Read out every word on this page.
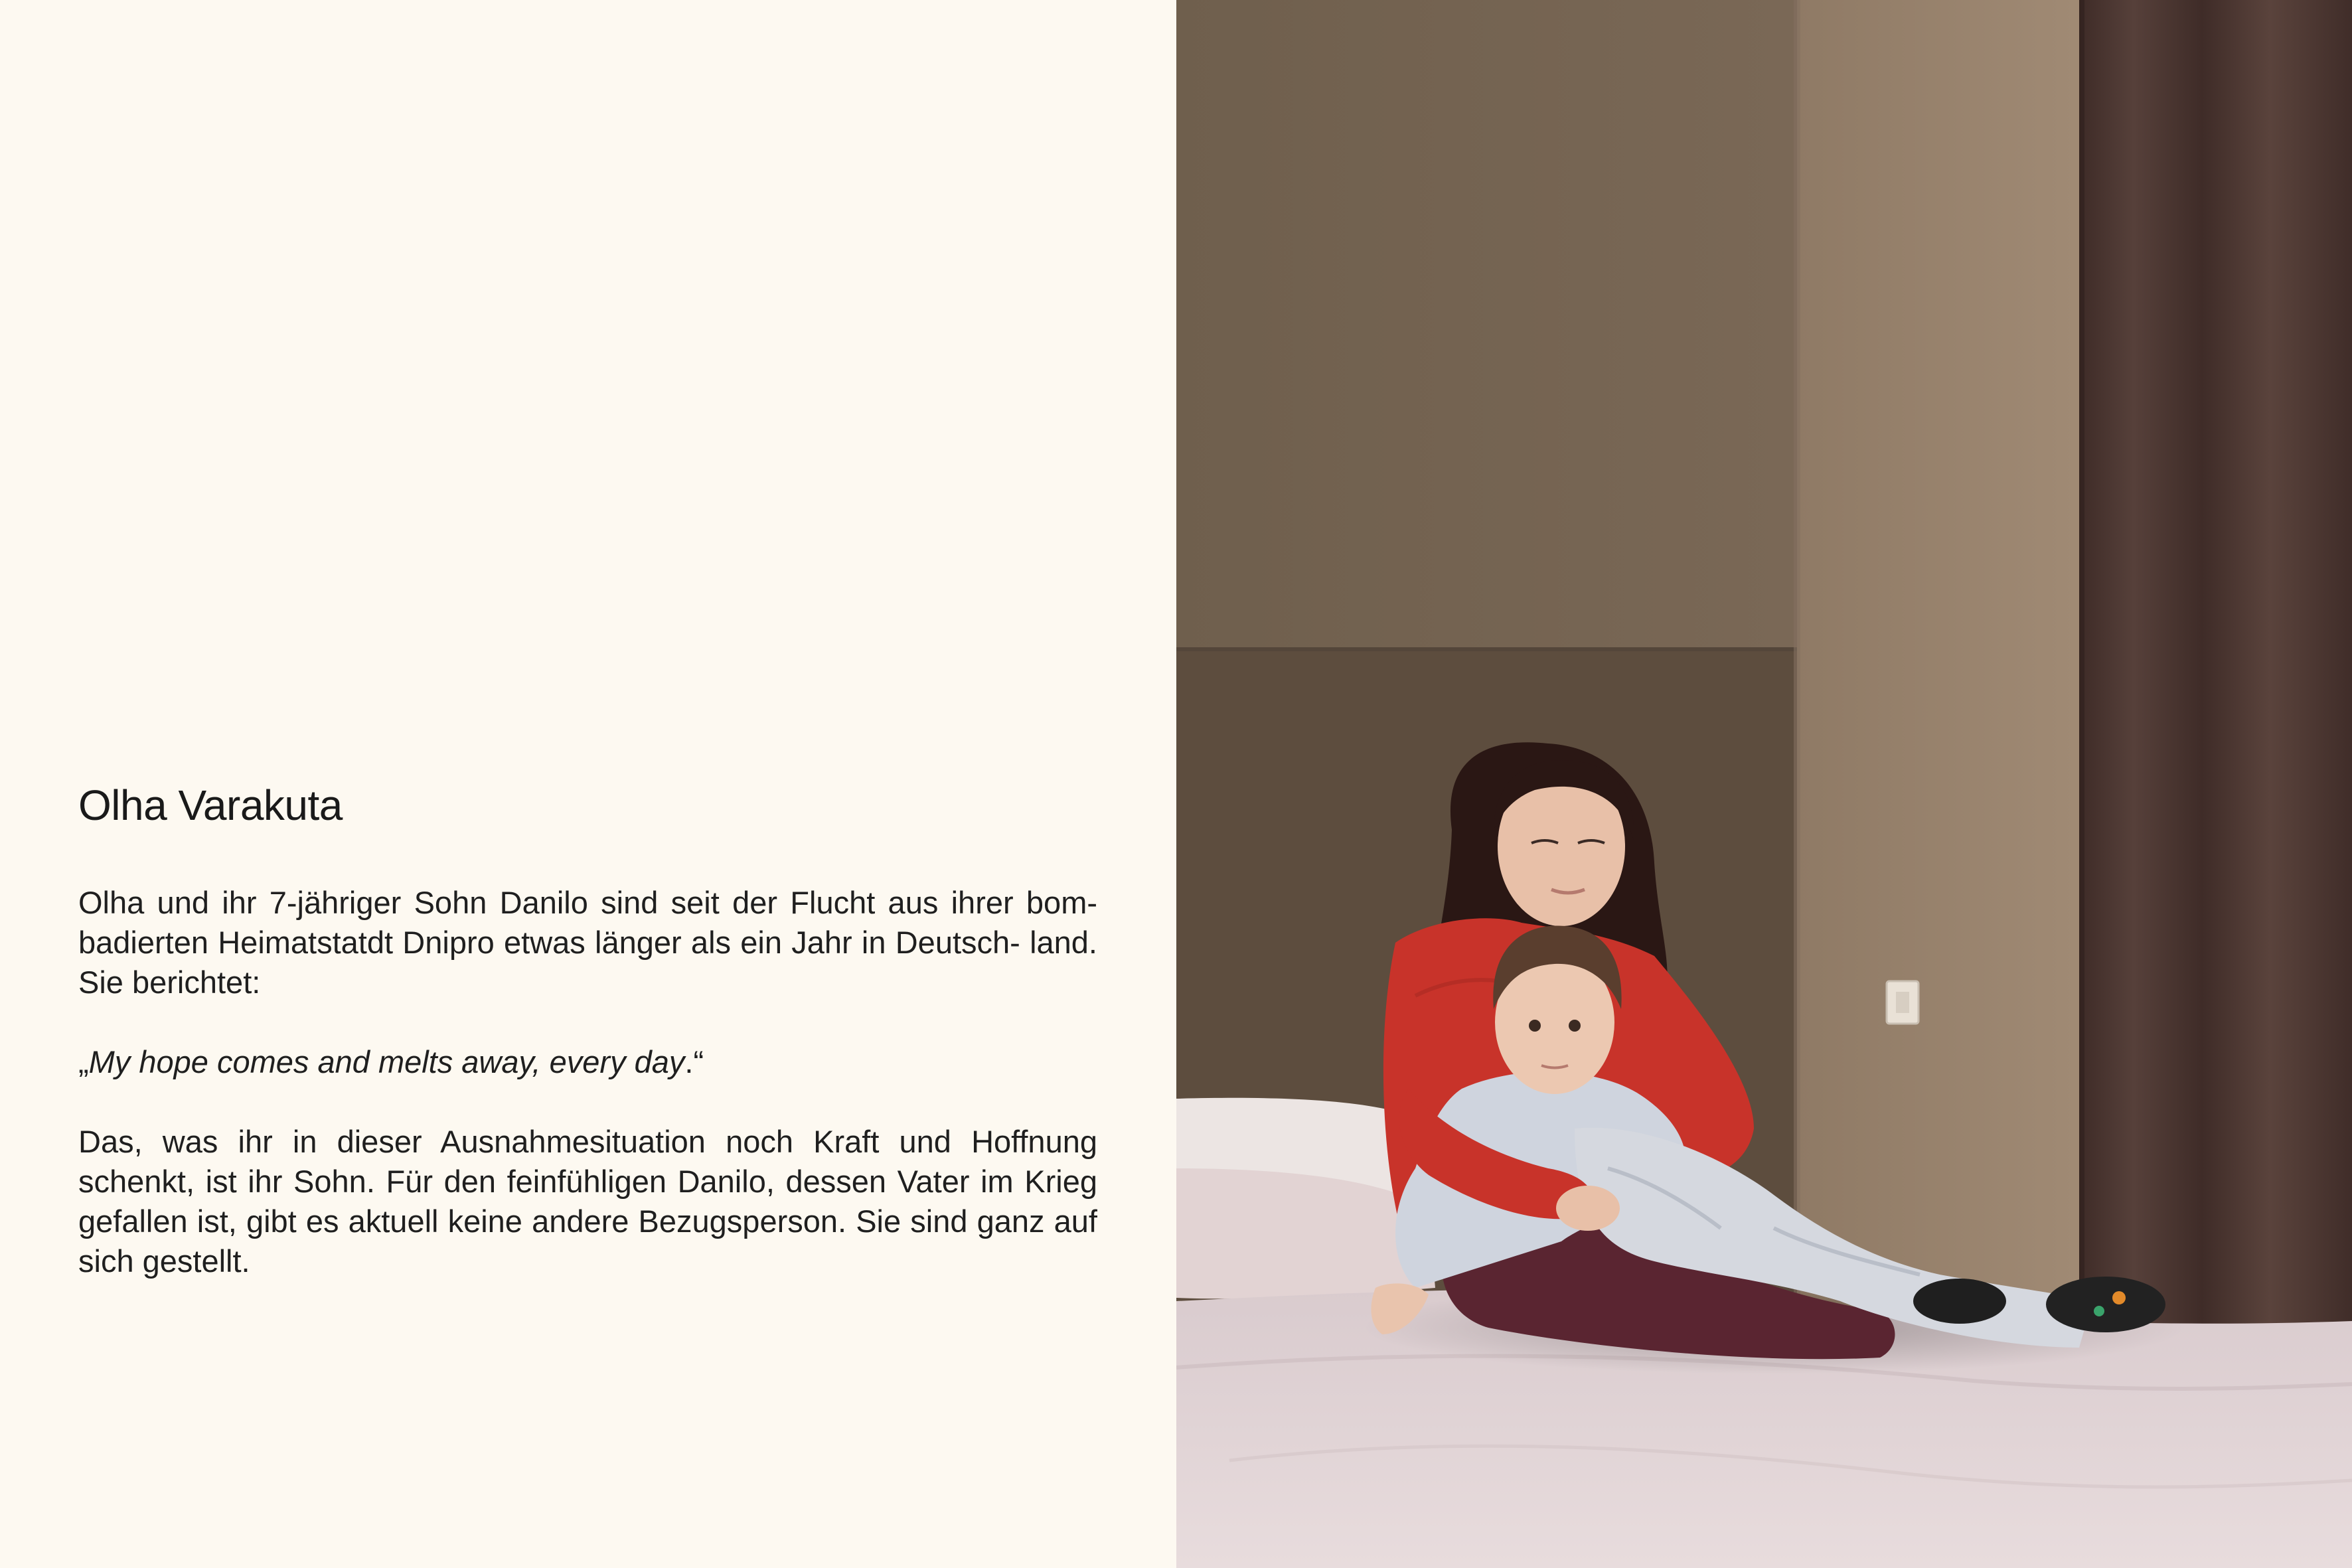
Olha Varakuta

Olha und ihr 7-jähriger Sohn Danilo sind seit der Flucht aus ihrer bom- badierten Heimatstatdt Dnipro etwas länger als ein Jahr in Deutsch- land. Sie berichtet:

„My hope comes and melts away, every day.“

Das, was ihr in dieser Ausnahmesituation noch Kraft und Hoffnung schenkt, ist ihr Sohn. Für den feinfühligen Danilo, dessen Vater im Krieg gefallen ist, gibt es aktuell keine andere Bezugsperson. Sie sind ganz auf sich gestellt.
